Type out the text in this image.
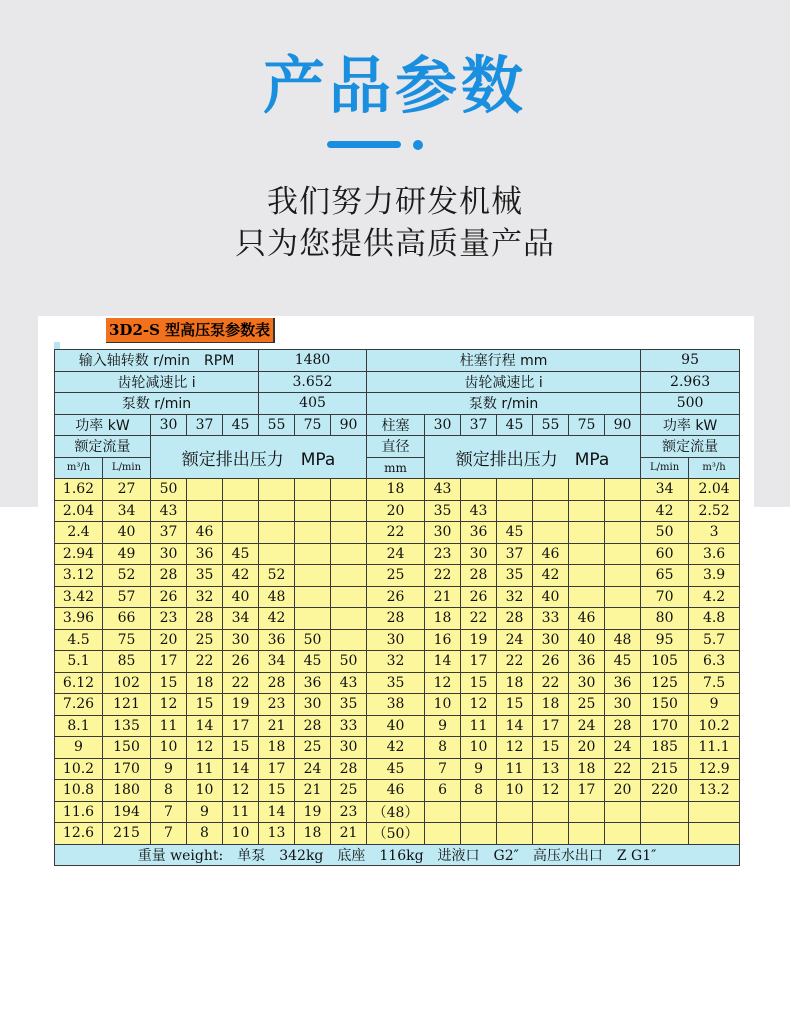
产品参数
我们努力研发机械
只为您提供高质量产品
3D2-S 型高压泵参数表
输入轴转数 r/min　RPM					1480			柱塞行程 mm							95	
齿轮减速比 i					3.652			齿轮减速比 i							2.963	
泵数 r/min					405			泵数 r/min							500	
功率 kW		30	37	45	55	75	90	柱塞	30	37	45	55	75	90	功率 kW	
额定流量		额定排出压力　MPa						直径	额定排出压力　MPa						额定流量	
m³/h	L/min							mm							L/min	m³/h
1.62	27	50						18	43						34	2.04
2.04	34	43						20	35	43					42	2.52
2.4	40	37	46					22	30	36	45				50	3
2.94	49	30	36	45				24	23	30	37	46			60	3.6
3.12	52	28	35	42	52			25	22	28	35	42			65	3.9
3.42	57	26	32	40	48			26	21	26	32	40			70	4.2
3.96	66	23	28	34	42			28	18	22	28	33	46		80	4.8
4.5	75	20	25	30	36	50		30	16	19	24	30	40	48	95	5.7
5.1	85	17	22	26	34	45	50	32	14	17	22	26	36	45	105	6.3
6.12	102	15	18	22	28	36	43	35	12	15	18	22	30	36	125	7.5
7.26	121	12	15	19	23	30	35	38	10	12	15	18	25	30	150	9
8.1	135	11	14	17	21	28	33	40	9	11	14	17	24	28	170	10.2
9	150	10	12	15	18	25	30	42	8	10	12	15	20	24	185	11.1
10.2	170	9	11	14	17	24	28	45	7	9	11	13	18	22	215	12.9
10.8	180	8	10	12	15	21	25	46	6	8	10	12	17	20	220	13.2
11.6	194	7	9	11	14	19	23	（48）								
12.6	215	7	8	10	13	18	21	（50）								
重量 weight:　单泵　342kg　底座　116kg　进液口　G2″　高压水出口　Z G1″																
